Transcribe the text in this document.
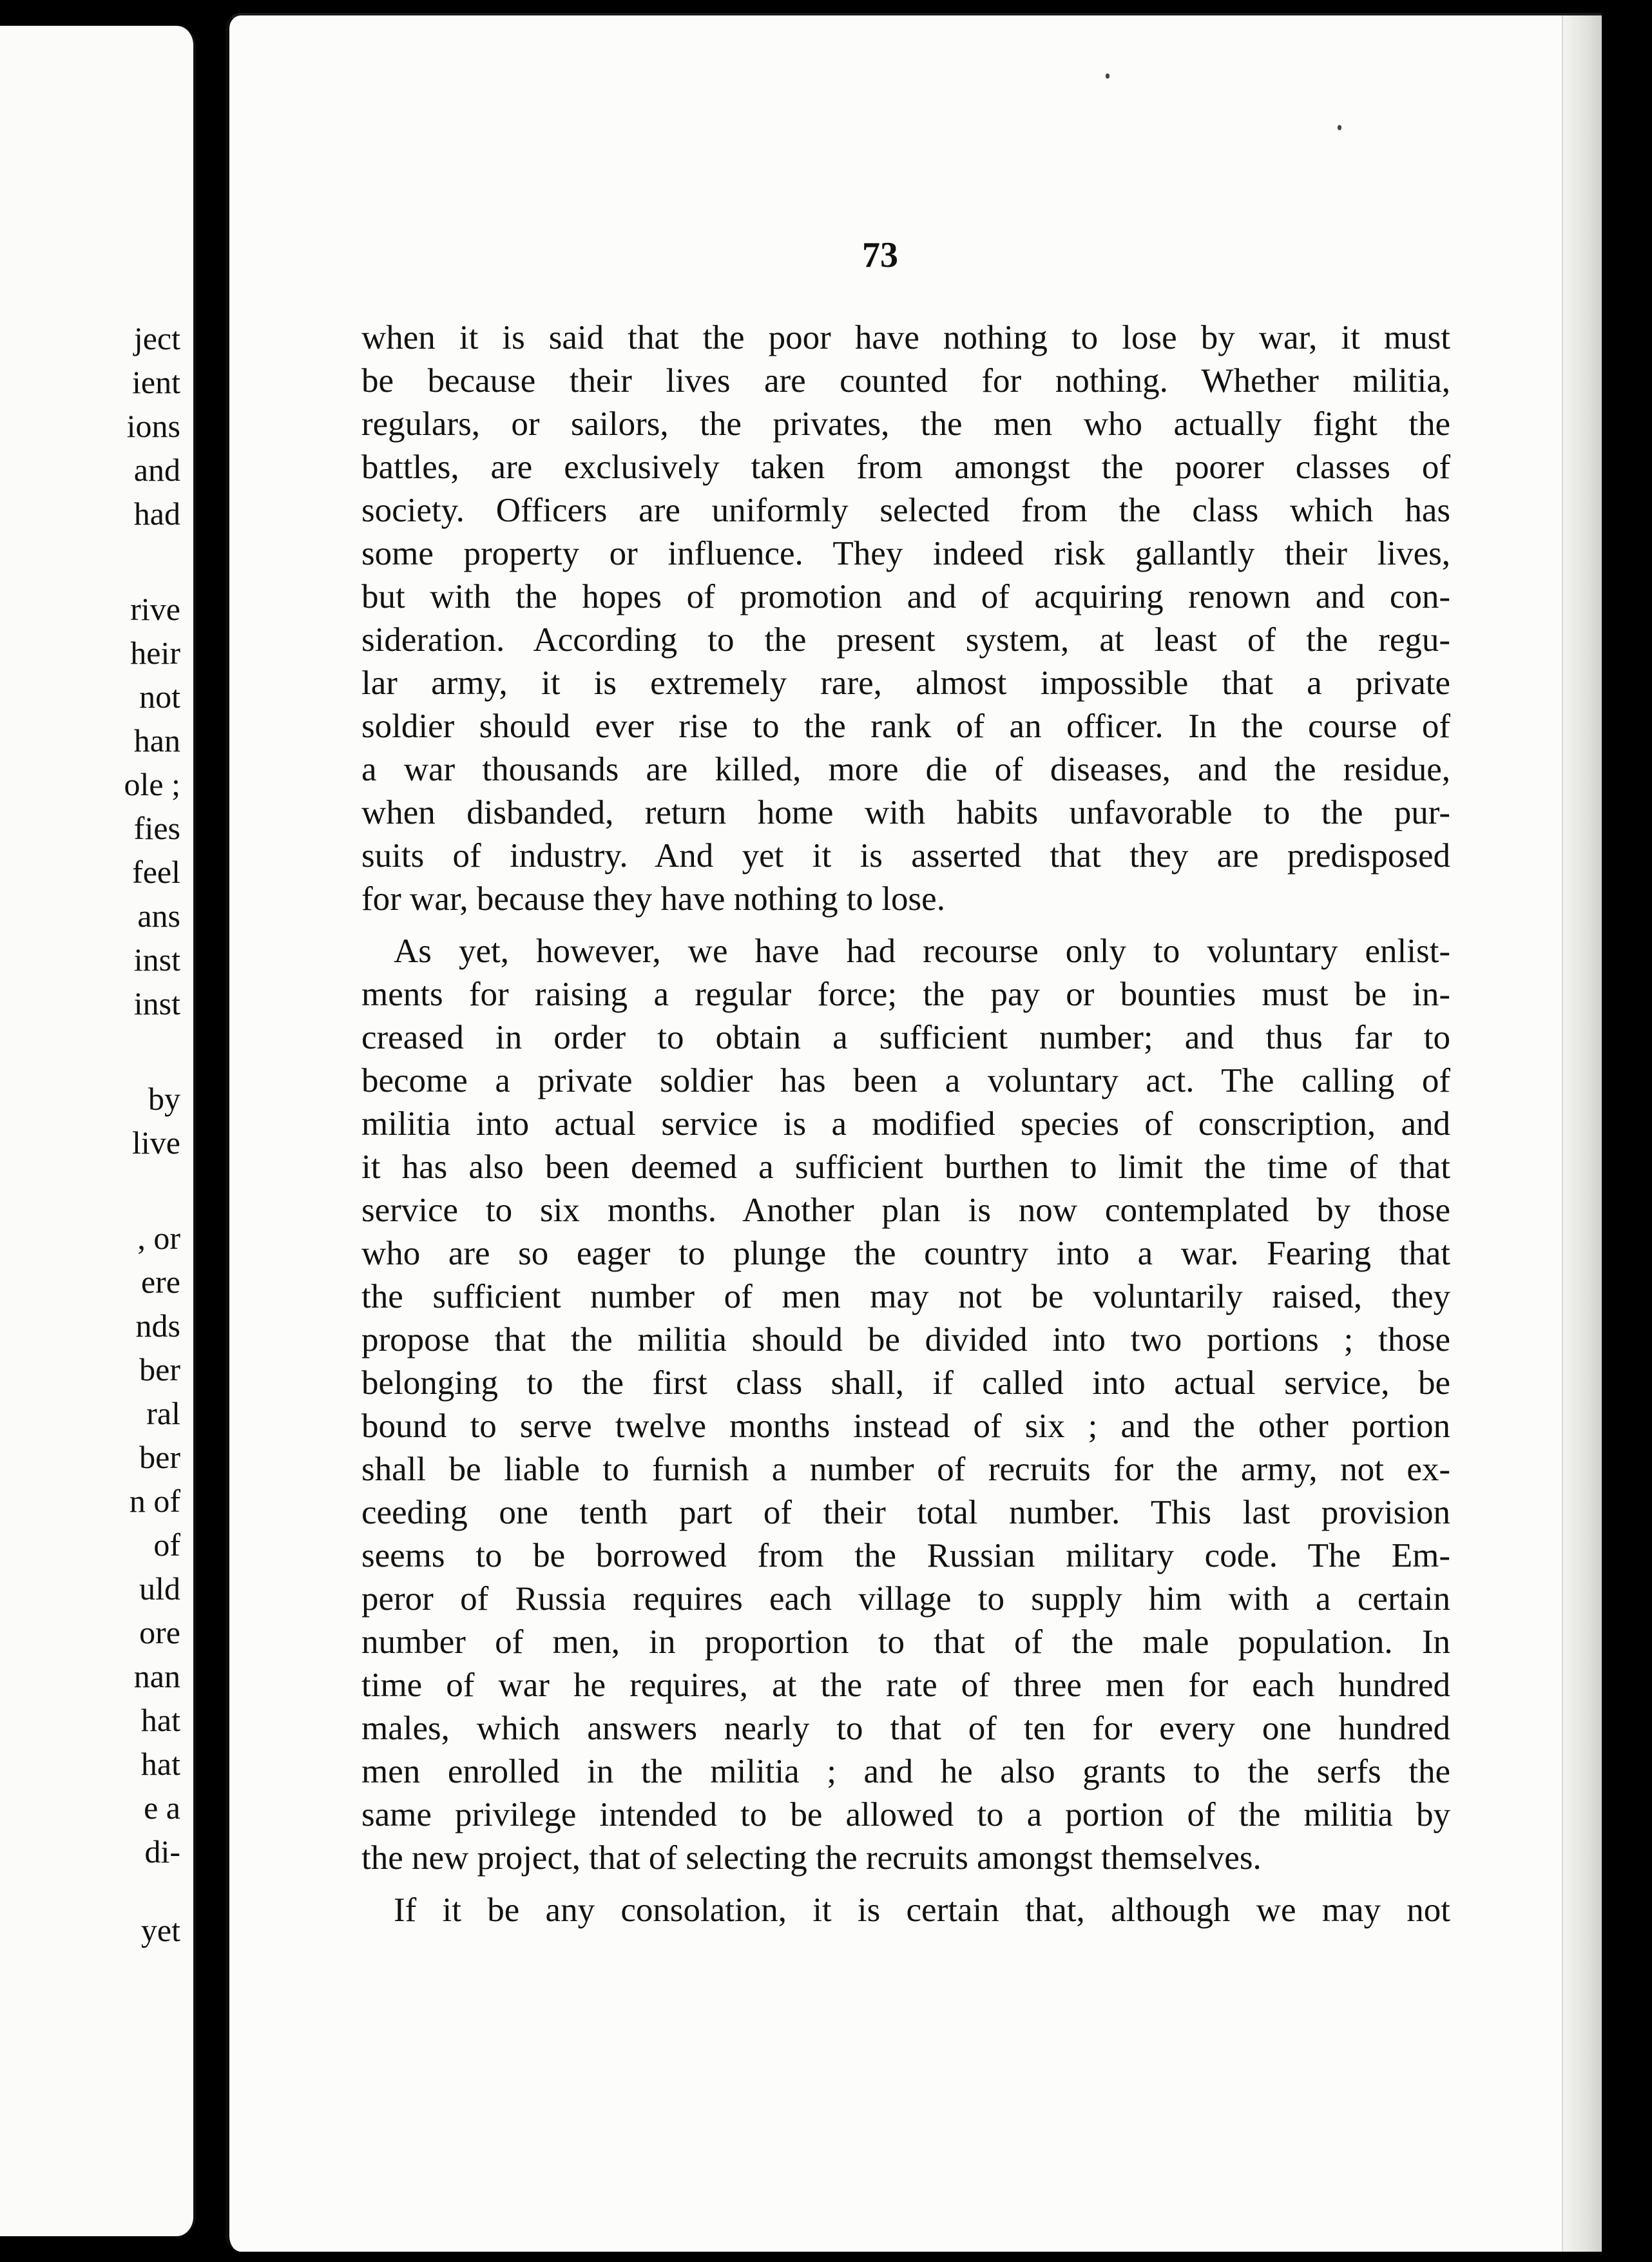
ject
ient
ions
and
had
rive
heir
not
han
ole ;
fies
feel
ans
inst
inst
by
live
, or
ere
nds
ber
ral
ber
n of
of
uld
ore
nan
hat
hat
e a
di-
yet
73
when it is said that the poor have nothing to lose by war, it must
be because their lives are counted for nothing. Whether militia,
regulars, or sailors, the privates, the men who actually fight the
battles, are exclusively taken from amongst the poorer classes of
society. Officers are uniformly selected from the class which has
some property or influence. They indeed risk gallantly their lives,
but with the hopes of promotion and of acquiring renown and con-
sideration. According to the present system, at least of the regu-
lar army, it is extremely rare, almost impossible that a private
soldier should ever rise to the rank of an officer. In the course of
a war thousands are killed, more die of diseases, and the residue,
when disbanded, return home with habits unfavorable to the pur-
suits of industry. And yet it is asserted that they are predisposed
for war, because they have nothing to lose.
As yet, however, we have had recourse only to voluntary enlist-
ments for raising a regular force; the pay or bounties must be in-
creased in order to obtain a sufficient number; and thus far to
become a private soldier has been a voluntary act. The calling of
militia into actual service is a modified species of conscription, and
it has also been deemed a sufficient burthen to limit the time of that
service to six months. Another plan is now contemplated by those
who are so eager to plunge the country into a war. Fearing that
the sufficient number of men may not be voluntarily raised, they
propose that the militia should be divided into two portions ; those
belonging to the first class shall, if called into actual service, be
bound to serve twelve months instead of six ; and the other portion
shall be liable to furnish a number of recruits for the army, not ex-
ceeding one tenth part of their total number. This last provision
seems to be borrowed from the Russian military code. The Em-
peror of Russia requires each village to supply him with a certain
number of men, in proportion to that of the male population. In
time of war he requires, at the rate of three men for each hundred
males, which answers nearly to that of ten for every one hundred
men enrolled in the militia ; and he also grants to the serfs the
same privilege intended to be allowed to a portion of the militia by
the new project, that of selecting the recruits amongst themselves.
If it be any consolation, it is certain that, although we may not
